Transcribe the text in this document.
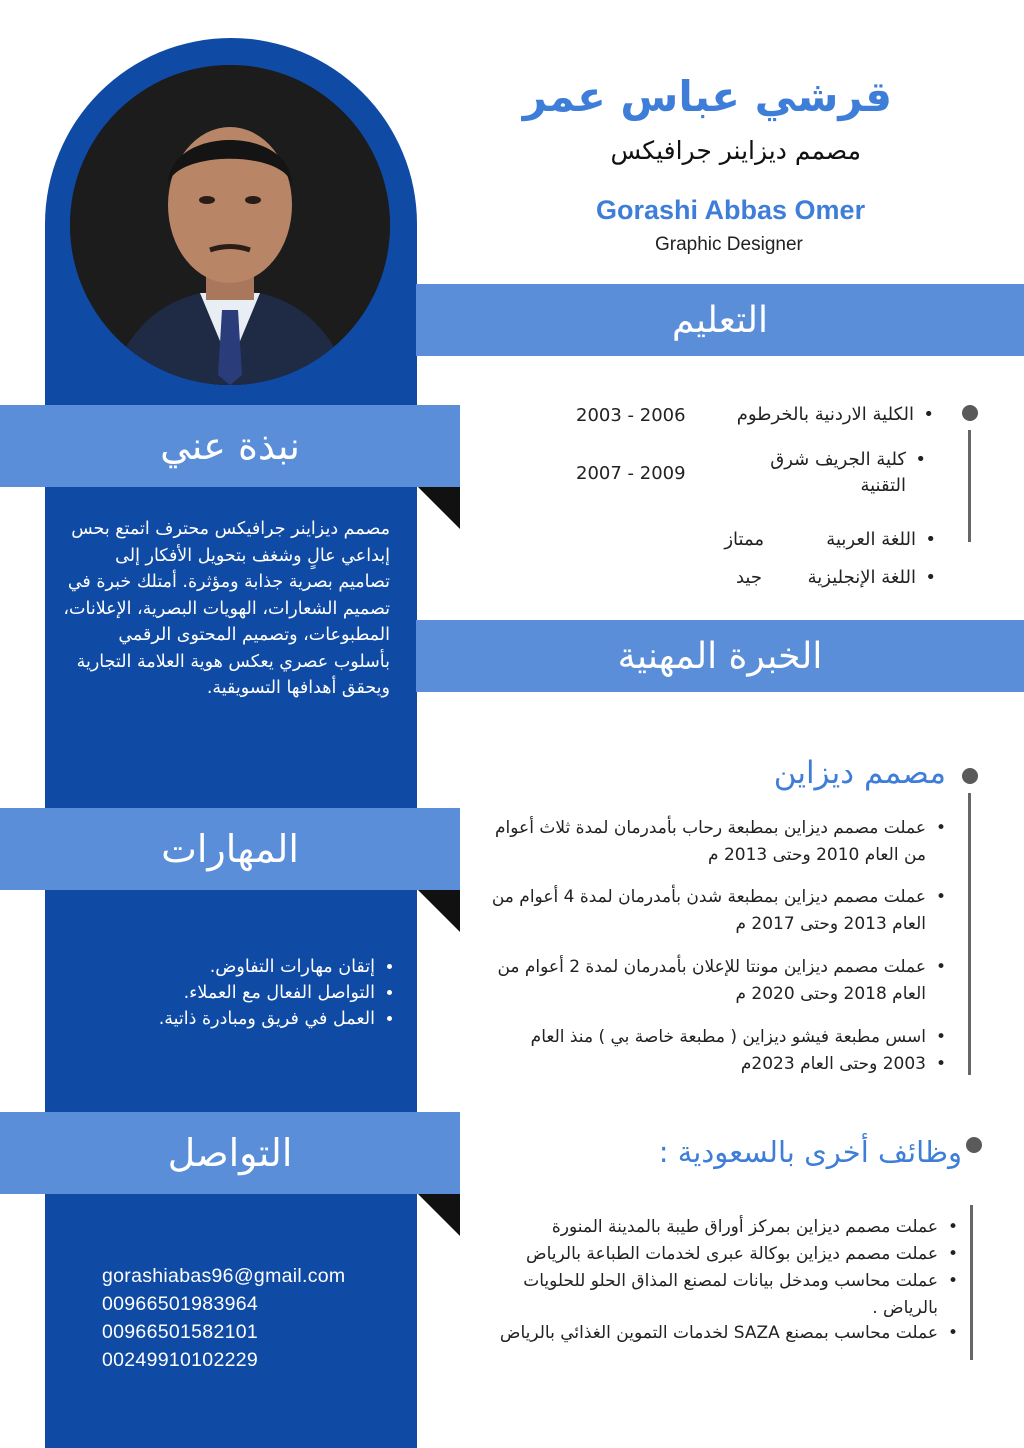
نبذة عني
مصمم ديزاينر جرافيكس محترف اتمتع بحس إبداعي عالٍ وشغف بتحويل الأفكار إلى تصاميم بصرية جذابة ومؤثرة. أمتلك خبرة في تصميم الشعارات، الهويات البصرية، الإعلانات، المطبوعات، وتصميم المحتوى الرقمي بأسلوب عصري يعكس هوية العلامة التجارية ويحقق أهدافها التسويقية.
المهارات
• إتقان مهارات التفاوض.
• التواصل الفعال مع العملاء.
• العمل في فريق ومبادرة ذاتية.
التواصل
gorashiabas96@gmail.com
00966501983964
00966501582101
00249910102229
قرشي عباس عمر
مصمم ديزاينر جرافيكس
Gorashi Abbas Omer
Graphic Designer
التعليم
• الكلية الاردنية بالخرطوم
2003 - 2006
• كلية الجريف شرق التقنية
2007 - 2009
• اللغة العربية
ممتاز
• اللغة الإنجليزية
جيد
الخبرة المهنية
مصمم ديزاين
• عملت مصمم ديزاين بمطبعة رحاب بأمدرمان لمدة ثلاث أعوام من العام 2010 وحتى 2013 م
• عملت مصمم ديزاين بمطبعة شدن بأمدرمان لمدة 4 أعوام من العام 2013 وحتى 2017 م
• عملت مصمم ديزاين مونتا للإعلان بأمدرمان لمدة 2 أعوام من العام 2018 وحتى 2020 م
• اسس مطبعة فيشو ديزاين ( مطبعة خاصة بي ) منذ العام
• 2003 وحتى العام 2023م
وظائف أخرى بالسعودية :
• عملت مصمم ديزاين بمركز أوراق طيبة بالمدينة المنورة
• عملت مصمم ديزاين بوكالة عبرى لخدمات الطباعة بالرياض
• عملت محاسب ومدخل بيانات لمصنع المذاق الحلو للحلويات بالرياض .
• عملت محاسب بمصنع SAZA لخدمات التموين الغذائي بالرياض
